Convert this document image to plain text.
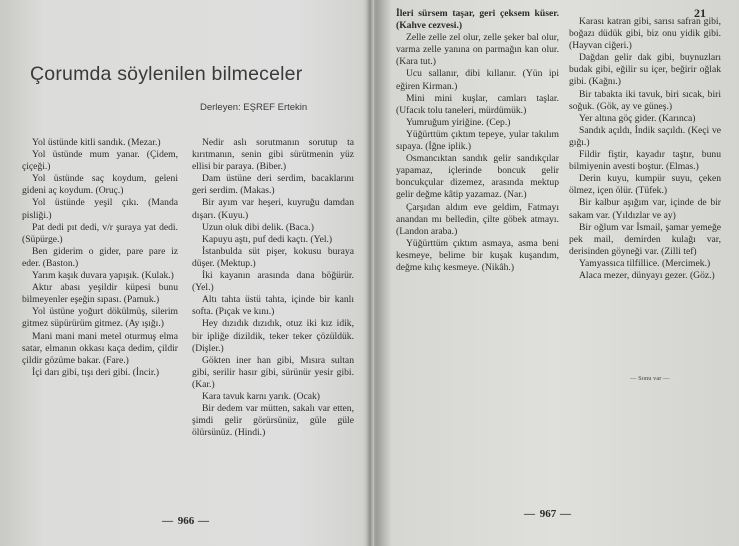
Çorumda söylenilen bilmeceler
Derleyen: EŞREF Ertekin

Yol üstünde kitli sandık. (Mezar.)

Yol üstünde mum yanar. (Çidem, çiçeği.)

Yol üstünde saç koydum, geleni gideni aç koydum. (Oruç.)

Yol üstünde yeşil çıkı. (Manda pisliği.)

Pat dedi pıt dedi, v/r şuraya yat dedi. (Süpürge.)

Ben giderim o gider, pare pare iz eder. (Baston.)

Yarım kaşık duvara yapışık. (Kulak.)

Aktır abası yeşildir küpesi bunu bilmeyenler eşeğin sıpası. (Pamuk.)

Yol üstüne yoğurt dökülmüş, silerim gitmez süpürürüm gitmez. (Ay ışığı.)

Mani mani mani metel oturmuş elma satar, elmanın okkası kaça dedim, çildir çildir gözüme bakar. (Fare.)

İçi darı gibi, tışı deri gibi. (İncir.)

Nedir aslı sorutmanın sorutup ta kırıtmanın, senin gibi sürütmenin yüz ellisi bir paraya. (Biber.)

Dam üstüne deri serdim, bacaklarını geri serdim. (Makas.)

Bir ayım var heşeri, kuyruğu damdan dışarı. (Kuyu.)

Uzun oluk dibi delik. (Baca.)

Kapuyu aştı, puf dedi kaçtı. (Yel.)

İstanbulda süt pişer, kokusu buraya düşer. (Mektup.)

İki kayanın arasında dana böğürür. (Yel.)

Altı tahta üstü tahta, içinde bir kanlı softa. (Pıçak ve kını.)

Hey dızıdık dızıdık, otuz iki kız idik, bir ipliğe dizildik, teker teker çözüldük. (Dişler.)

Gökten iner han gibi, Mısıra sultan gibi, serilir hasır gibi, sürünür yesir gibi. (Kar.)

Kara tavuk karnı yarık. (Ocak)

Bir dedem var mütten, sakalı var etten, şimdi gelir görürsünüz, güle güle ölürsünüz. (Hindi.)

— 966 —
21

İleri sürsem taşar, geri çeksem küser. (Kahve cezvesi.)

Zelle zelle zel olur, zelle şeker bal olur, varma zelle yanına on parmağın kan olur. (Kara tut.)

Ucu sallanır, dibi kıllanır. (Yün ipi eğiren Kirman.)

Mini mini kuşlar, camları taşlar. (Ufacık tolu taneleri, mürdümük.)

Yumruğum yiriğine. (Cep.)

Yüğürttüm çıktım tepeye, yular takılım sıpaya. (İğne iplik.)

Osmancıktan sandık gelir sandıkçılar yapamaz, içlerinde boncuk gelir boncukçular dizemez, arasında mektup gelir değme kâtip yazamaz. (Nar.)

Çarşıdan aldım eve geldim, Fatmayı anandan mı belledin, çilte göbek atmayı. (Landon araba.)

Yüğürttüm çıktım asmaya, asma beni kesmeye, belime bir kuşak kuşandım, değme kılıç kesmeye. (Nikâh.)

Karası katran gibi, sarısı safran gibi, boğazı düdük gibi, biz onu yidik gibi. (Hayvan ciğeri.)

Dağdan gelir dak gibi, buynuzları budak gibi, eğilir su içer, beğirir oğlak gibi. (Kağnı.)

Bir tabakta iki tavuk, biri sıcak, biri soğuk. (Gök, ay ve güneş.)

Yer altına göç gider. (Karınca)

Sandık açıldı, İndik saçıldı. (Keçi ve gığı.)

Fildir fiştir, kayadır taştır, bunu bilmiyenin avesti boştur. (Elmas.)

Derin kuyu, kumpür suyu, çeken ölmez, içen ölür. (Tüfek.)

Bir kalbur aşığım var, içinde de bir sakam var. (Yıldızlar ve ay)

Bir oğlum var İsmail, şamar yemeğe pek mail, demirden kulağı var, derisinden göyneği var. (Zilli tef)

Yamyassıca tilfillice. (Mercimek.)

Alaca mezer, dünyayı gezer. (Göz.)

— Sonu var —
— 967 —
